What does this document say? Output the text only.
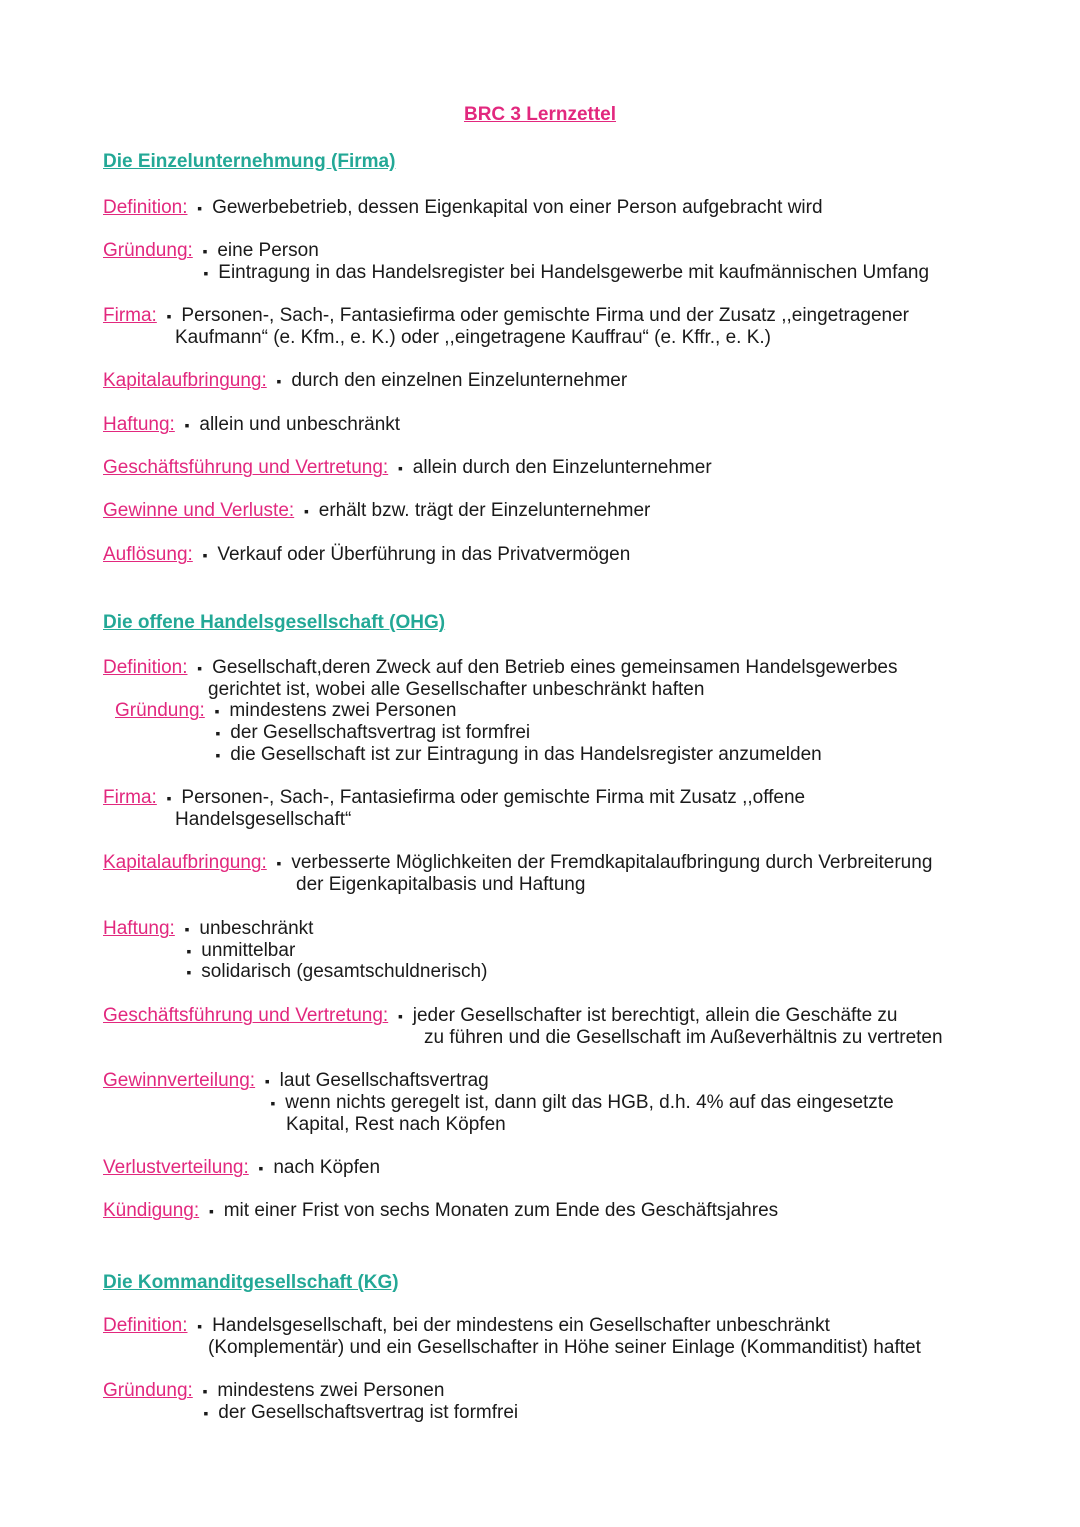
BRC 3 Lernzettel
Die Einzelunternehmung (Firma)
Definition: ▪ Gewerbebetrieb, dessen Eigenkapital von einer Person aufgebracht wird
Gründung: ▪ eine Person
▪ Eintragung in das Handelsregister bei Handelsgewerbe mit kaufmännischen Umfang
Firma: ▪ Personen-, Sach-, Fantasiefirma oder gemischte Firma und der Zusatz ,,eingetragener
Kaufmann“ (e. Kfm., e. K.) oder ,,eingetragene Kauffrau“ (e. Kffr., e. K.)
Kapitalaufbringung: ▪ durch den einzelnen Einzelunternehmer
Haftung: ▪ allein und unbeschränkt
Geschäftsführung und Vertretung: ▪ allein durch den Einzelunternehmer
Gewinne und Verluste: ▪ erhält bzw. trägt der Einzelunternehmer
Auflösung: ▪ Verkauf oder Überführung in das Privatvermögen
Die offene Handelsgesellschaft (OHG)
Definition: ▪ Gesellschaft,deren Zweck auf den Betrieb eines gemeinsamen Handelsgewerbes
gerichtet ist, wobei alle Gesellschafter unbeschränkt haften
Gründung: ▪ mindestens zwei Personen
▪ der Gesellschaftsvertrag ist formfrei
▪ die Gesellschaft ist zur Eintragung in das Handelsregister anzumelden
Firma: ▪ Personen-, Sach-, Fantasiefirma oder gemischte Firma mit Zusatz ,,offene
Handelsgesellschaft“
Kapitalaufbringung: ▪ verbesserte Möglichkeiten der Fremdkapitalaufbringung durch Verbreiterung
der Eigenkapitalbasis und Haftung
Haftung: ▪ unbeschränkt
▪ unmittelbar
▪ solidarisch (gesamtschuldnerisch)
Geschäftsführung und Vertretung: ▪ jeder Gesellschafter ist berechtigt, allein die Geschäfte zu
zu führen und die Gesellschaft im Außeverhältnis zu vertreten
Gewinnverteilung: ▪ laut Gesellschaftsvertrag
▪ wenn nichts geregelt ist, dann gilt das HGB, d.h. 4% auf das eingesetzte
Kapital, Rest nach Köpfen
Verlustverteilung: ▪ nach Köpfen
Kündigung: ▪ mit einer Frist von sechs Monaten zum Ende des Geschäftsjahres
Die Kommanditgesellschaft (KG)
Definition: ▪ Handelsgesellschaft, bei der mindestens ein Gesellschafter unbeschränkt
(Komplementär) und ein Gesellschafter in Höhe seiner Einlage (Kommanditist) haftet
Gründung: ▪ mindestens zwei Personen
▪ der Gesellschaftsvertrag ist formfrei
